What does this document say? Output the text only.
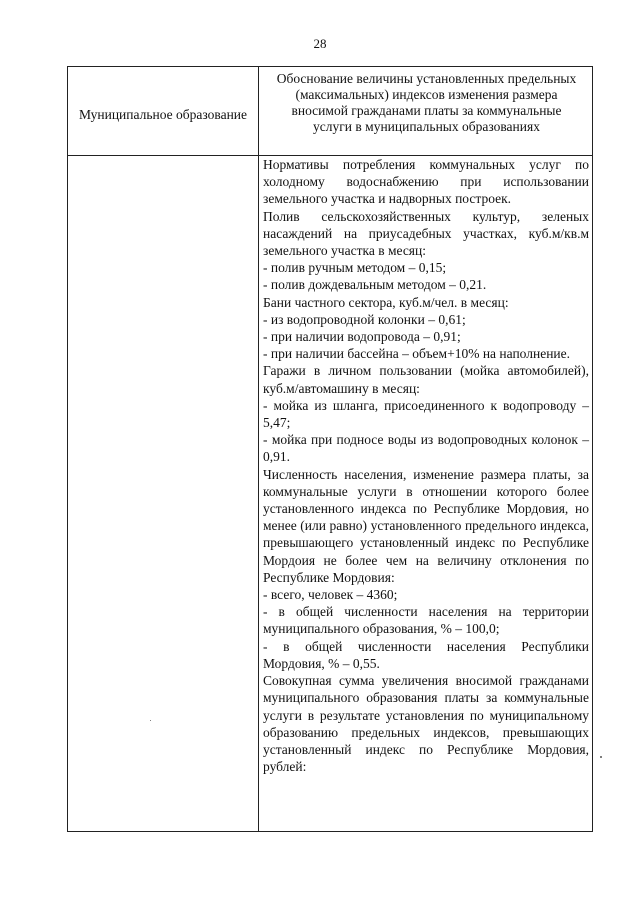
28
Муниципальное образование
Обоснование величины установленных предельных (максимальных) индексов изменения размера вносимой гражданами платы за коммунальные услуги в муниципальных образованиях

Нормативы потребления коммунальных услуг по холодному водоснабжению при использовании земельного участка и надворных построек.

Полив сельскохозяйственных культур, зеленых насаждений на приусадебных участках, куб.м/кв.м земельного участка в месяц:

- полив ручным методом – 0,15;

- полив дождевальным методом – 0,21.

Бани частного сектора, куб.м/чел. в месяц:

- из водопроводной колонки – 0,61;

- при наличии водопровода – 0,91;

- при наличии бассейна – объем+10% на наполнение.

Гаражи в личном пользовании (мойка автомобилей), куб.м/автомашину в месяц:

- мойка из шланга, присоединенного к водопроводу – 5,47;

- мойка при подносе воды из водопроводных колонок – 0,91.

Численность населения, изменение размера платы, за коммунальные услуги в отношении которого более установленного индекса по Республике Мордовия, но менее (или равно) установленного предельного индекса, превышающего установленный индекс по Республике Мордоия не более чем на величину отклонения по Республике Мордовия:

- всего, человек – 4360;

- в общей численности населения на территории муниципального образования, % – 100,0;

- в общей численности населения Республики Мордовия, % – 0,55.

Совокупная сумма увеличения вносимой гражданами муниципального образования платы за коммунальные услуги в результате установления по муниципальному образованию предельных индексов, превышающих установленный индекс по Республике Мордовия, рублей:
